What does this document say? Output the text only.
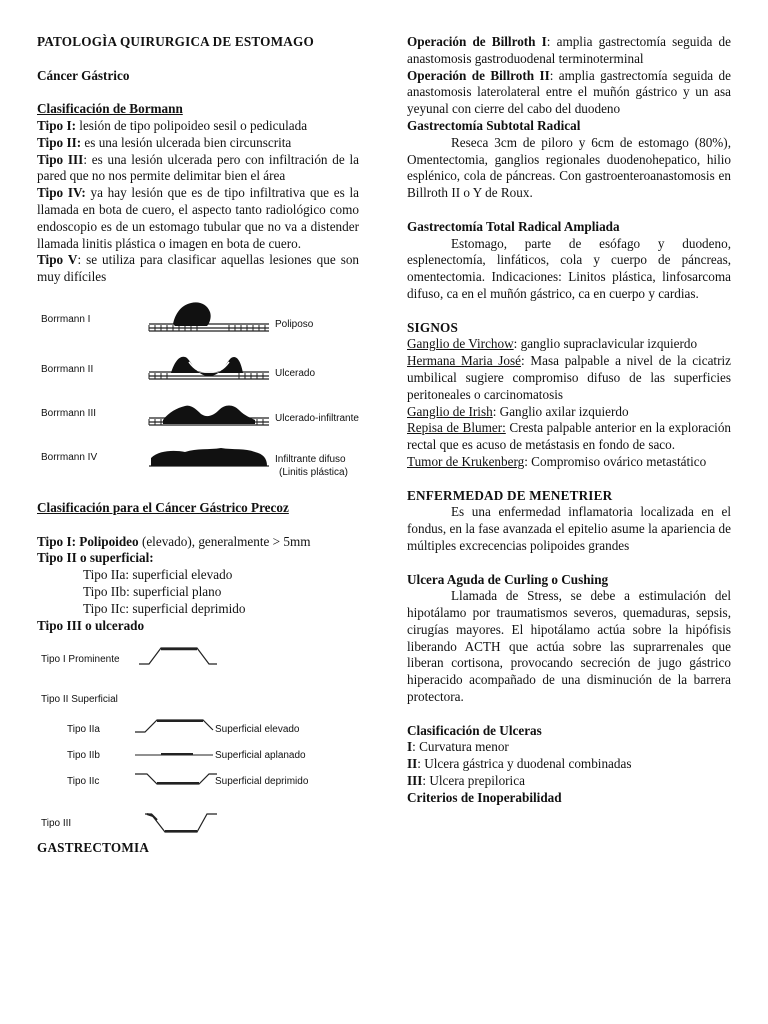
PATOLOGÌA QUIRURGICA DE ESTOMAGO

Cáncer Gástrico

Clasificación de Bormann

Tipo I: lesión de tipo polipoideo sesil o pediculada

Tipo II: es una lesión ulcerada bien circunscrita

Tipo III: es una lesión ulcerada pero con infiltración de la pared que no nos permite delimitar bien el área

Tipo IV: ya hay lesión que es de tipo infiltrativa que es la llamada en bota de cuero, el aspecto tanto radiológico como endoscopio es de un estomago tubular que no va a distender llamada linitis plástica o imagen en bota de cuero.

Tipo V: se utiliza para clasificar aquellas lesiones que son muy difíciles

Borrmann I	Poliposo
Borrmann II	Ulcerado
Borrmann III	Ulcerado-infiltrante
Borrmann IV	Infiltrante difuso
(Linitis plástica)

Clasificación para el Cáncer Gástrico Precoz

Tipo I: Polipoideo (elevado), generalmente > 5mm

Tipo II o superficial:

Tipo IIa: superficial elevado

Tipo IIb: superficial plano

Tipo IIc: superficial deprimido

Tipo III o ulcerado

Tipo I Prominente
Tipo II Superficial
Tipo IIa	Superficial elevado
Tipo IIb	Superficial aplanado
Tipo IIc	Superficial deprimido
Tipo III

GASTRECTOMIA

Operación de Billroth I: amplia gastrectomía seguida de anastomosis gastroduodenal terminoterminal

Operación de Billroth II: amplia gastrectomía seguida de anastomosis laterolateral entre el muñón gástrico y un asa yeyunal con cierre del cabo del duodeno

Gastrectomía Subtotal Radical

Reseca 3cm de piloro y 6cm de estomago (80%), Omentectomia, ganglios regionales duodenohepatico, hilio esplénico, cola de páncreas. Con gastroenteroanastomosis en Billroth II o Y de Roux.

Gastrectomía Total Radical Ampliada

Estomago, parte de esófago y duodeno, esplenectomía, linfáticos, cola y cuerpo de páncreas, omentectomia. Indicaciones: Linitos plástica, linfosarcoma difuso, ca en el muñón gástrico, ca en cuerpo y cardias.

SIGNOS

Ganglio de Virchow: ganglio supraclavicular izquierdo

Hermana Maria José: Masa palpable a nivel de la cicatriz umbilical sugiere compromiso difuso de las superficies peritoneales o carcinomatosis

Ganglio de Irish: Ganglio axilar izquierdo

Repisa de Blumer: Cresta palpable anterior en la exploración rectal que es acuso de metástasis en fondo de saco.

Tumor de Krukenberg: Compromiso ovárico metastático

ENFERMEDAD DE MENETRIER

Es una enfermedad inflamatoria localizada en el fondus, en la fase avanzada el epitelio asume la apariencia de múltiples excrecencias polipoides grandes

Ulcera Aguda de Curling o Cushing

Llamada de Stress, se debe a estimulación del hipotálamo por traumatismos severos, quemaduras, sepsis, cirugías mayores. El hipotálamo actúa sobre la hipófisis liberando ACTH que actúa sobre las suprarrenales que liberan cortisona, provocando secreción de jugo gástrico hiperacido acompañado de una disminución de la barrera protectora.

Clasificación de Ulceras

I: Curvatura menor

II: Ulcera gástrica y duodenal combinadas

III: Ulcera prepilorica

Criterios de Inoperabilidad
